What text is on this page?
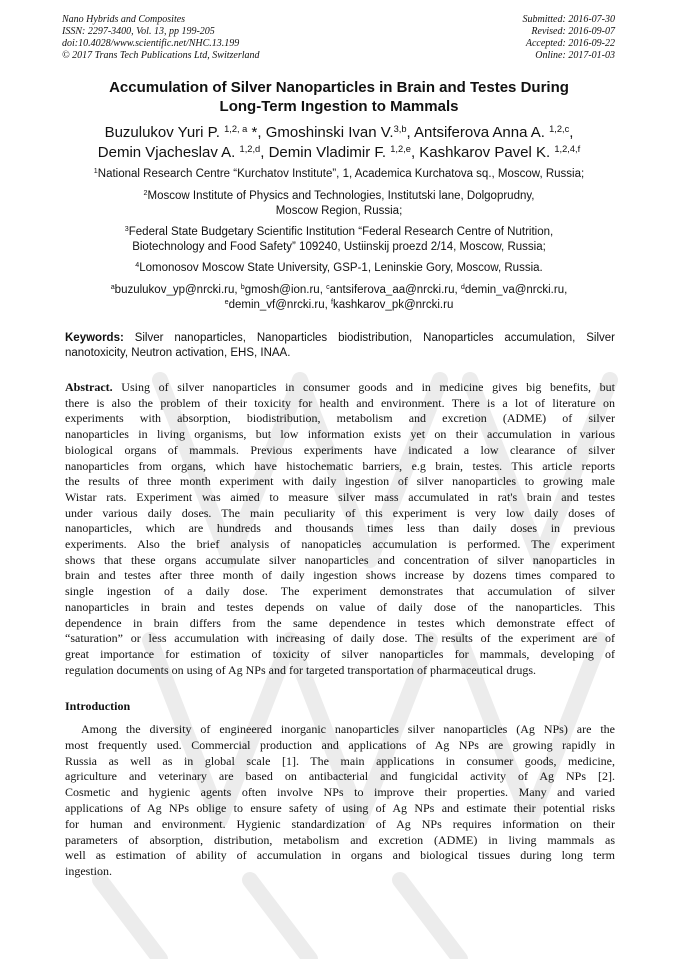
Nano Hybrids and Composites
ISSN: 2297-3400, Vol. 13, pp 199-205
doi:10.4028/www.scientific.net/NHC.13.199
© 2017 Trans Tech Publications Ltd, Switzerland
Submitted: 2016-07-30
Revised: 2016-09-07
Accepted: 2016-09-22
Online: 2017-01-03
Accumulation of Silver Nanoparticles in Brain and Testes During
Long-Term Ingestion to Mammals
Buzulukov Yuri P. $^{1,2, a}$ *, Gmoshinski Ivan V.$^{3,b}$, Antsiferova Anna A. $^{1,2,c}$,
Demin Vjacheslav A. $^{1,2,d}$, Demin Vladimir F. $^{1,2,e}$, Kashkarov Pavel K. $^{1,2,4,f}$
$^1$National Research Centre “Kurchatov Institute”, 1, Academica Kurchatova sq., Moscow, Russia;
$^2$Moscow Institute of Physics and Technologies, Institutski lane, Dolgoprudny,
Moscow Region, Russia;
$^3$Federal State Budgetary Scientific Institution “Federal Research Centre of Nutrition,
Biotechnology and Food Safety” 109240, Ustiinskij proezd 2/14, Moscow, Russia;
$^4$Lomonosov Moscow State University, GSP-1, Leninskie Gory, Moscow, Russia.
$^a$buzulukov_yp@nrcki.ru, $^b$gmosh@ion.ru, $^c$antsiferova_aa@nrcki.ru, $^d$demin_va@nrcki.ru,
$^e$demin_vf@nrcki.ru, $^f$kashkarov_pk@nrcki.ru
Keywords: Silver nanoparticles, Nanoparticles biodistribution, Nanoparticles accumulation, Silver nanotoxicity, Neutron activation, EHS, INAA.
Abstract. Using of silver nanoparticles in consumer goods and in medicine gives big benefits, but
there is also the problem of their toxicity for health and environment. There is a lot of literature on
experiments with absorption, biodistribution, metabolism and excretion (ADME) of silver
nanoparticles in living organisms, but low information exists yet on their accumulation in various
biological organs of mammals. Previous experiments have indicated a low clearance of silver
nanoparticles from organs, which have histochematic barriers, e.g brain, testes. This article reports
the results of three month experiment with daily ingestion of silver nanoparticles to growing male
Wistar rats. Experiment was aimed to measure silver mass accumulated in rat's brain and testes
under various daily doses. The main peculiarity of this experiment is very low daily doses of
nanoparticles, which are hundreds and thousands times less than daily doses in previous
experiments. Also the brief analysis of nanopaticles accumulation is performed. The experiment
shows that these organs accumulate silver nanoparticles and concentration of silver nanoparticles in
brain and testes after three month of daily ingestion shows increase by dozens times compared to
single ingestion of a daily dose. The experiment demonstrates that accumulation of silver
nanoparticles in brain and testes depends on value of daily dose of the nanoparticles. This
dependence in brain differs from the same dependence in testes which demonstrate effect of
“saturation” or less accumulation with increasing of daily dose. The results of the experiment are of
great importance for estimation of toxicity of silver nanoparticles for mammals, developing of
regulation documents on using of Ag NPs and for targeted transportation of pharmaceutical drugs.
Introduction
Among the diversity of engineered inorganic nanoparticles silver nanoparticles (Ag NPs) are the
most frequently used. Commercial production and applications of Ag NPs are growing rapidly in
Russia as well as in global scale [1]. The main applications in consumer goods, medicine,
agriculture and veterinary are based on antibacterial and fungicidal activity of Ag NPs [2].
Cosmetic and hygienic agents often involve NPs to improve their properties. Many and varied
applications of Ag NPs oblige to ensure safety of using of Ag NPs and estimate their potential risks
for human and environment. Hygienic standardization of Ag NPs requires information on their
parameters of absorption, distribution, metabolism and excretion (ADME) in living mammals as
well as estimation of ability of accumulation in organs and biological tissues during long term
ingestion.
